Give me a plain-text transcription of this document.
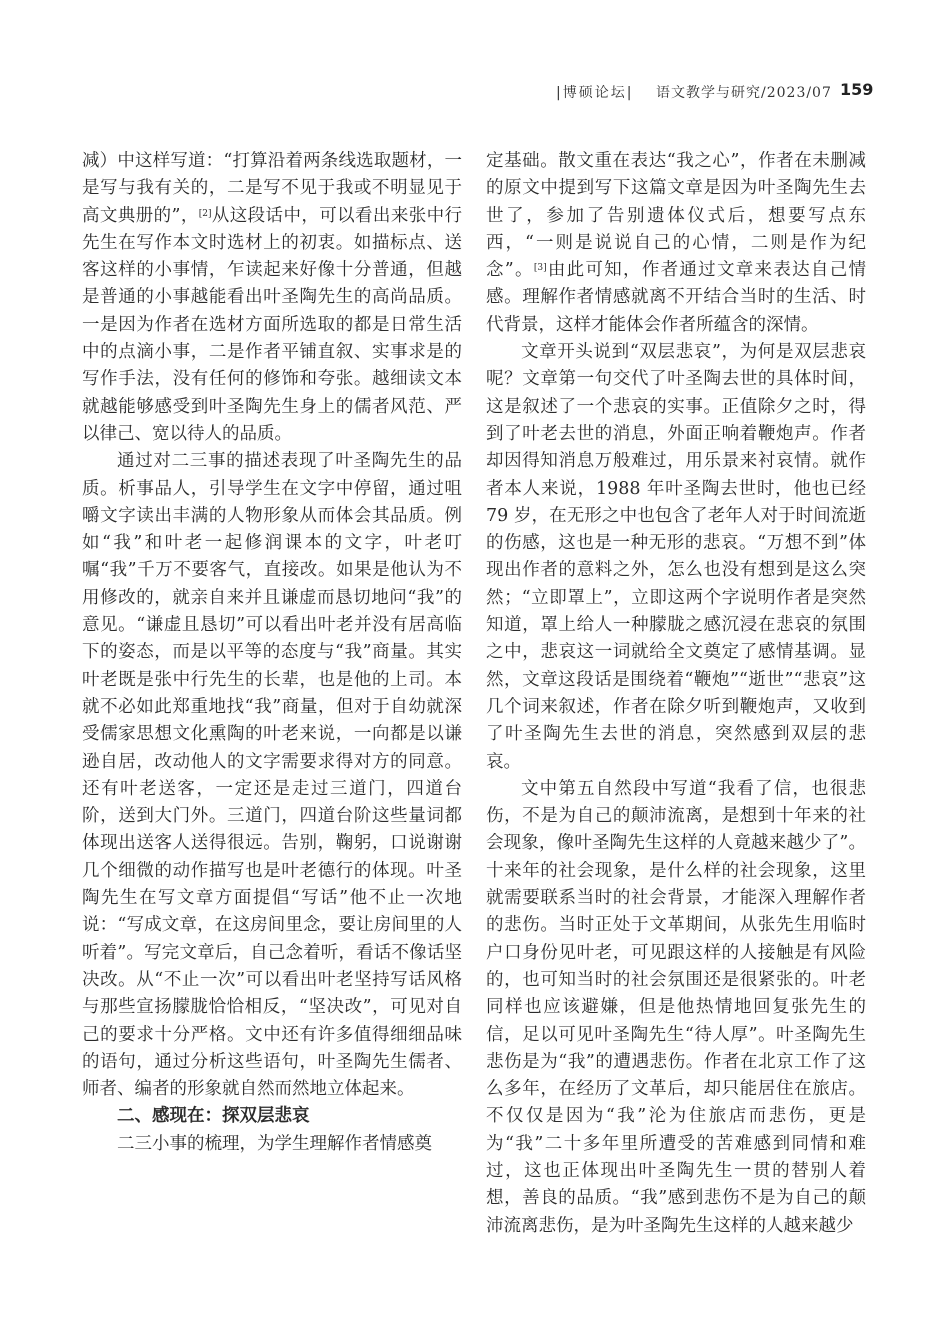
|博硕论坛| 语文教学与研究/2023/07 159

减）中这样写道：“打算沿着两条线选取题材，一是写与我有关的，二是写不见于我或不明显见于高文典册的”，[2]从这段话中，可以看出来张中行先生在写作本文时选材上的初衷。如描标点、送客这样的小事情，乍读起来好像十分普通，但越是普通的小事越能看出叶圣陶先生的高尚品质。一是因为作者在选材方面所选取的都是日常生活中的点滴小事，二是作者平铺直叙、实事求是的写作手法，没有任何的修饰和夸张。越细读文本就越能够感受到叶圣陶先生身上的儒者风范、严以律己、宽以待人的品质。

通过对二三事的描述表现了叶圣陶先生的品质。析事品人，引导学生在文字中停留，通过咀嚼文字读出丰满的人物形象从而体会其品质。例如“我”和叶老一起修润课本的文字，叶老叮嘱“我”千万不要客气，直接改。如果是他认为不用修改的，就亲自来并且谦虚而恳切地问“我”的意见。“谦虚且恳切”可以看出叶老并没有居高临下的姿态，而是以平等的态度与“我”商量。其实叶老既是张中行先生的长辈，也是他的上司。本就不必如此郑重地找“我”商量，但对于自幼就深受儒家思想文化熏陶的叶老来说，一向都是以谦逊自居，改动他人的文字需要求得对方的同意。还有叶老送客，一定还是走过三道门，四道台阶，送到大门外。三道门，四道台阶这些量词都体现出送客人送得很远。告别，鞠躬，口说谢谢几个细微的动作描写也是叶老德行的体现。叶圣陶先生在写文章方面提倡“写话”他不止一次地说：“写成文章，在这房间里念，要让房间里的人听着”。写完文章后，自己念着听，看话不像话坚决改。从“不止一次”可以看出叶老坚持写话风格与那些宣扬朦胧恰恰相反，“坚决改”，可见对自己的要求十分严格。文中还有许多值得细细品味的语句，通过分析这些语句，叶圣陶先生儒者、师者、编者的形象就自然而然地立体起来。

二、感现在：探双层悲哀

二三小事的梳理，为学生理解作者情感奠

定基础。散文重在表达“我之心”，作者在未删减的原文中提到写下这篇文章是因为叶圣陶先生去世了，参加了告别遗体仪式后，想要写点东西，“一则是说说自己的心情，二则是作为纪念”。[3]由此可知，作者通过文章来表达自己情感。理解作者情感就离不开结合当时的生活、时代背景，这样才能体会作者所蕴含的深情。

文章开头说到“双层悲哀”，为何是双层悲哀呢？文章第一句交代了叶圣陶去世的具体时间，这是叙述了一个悲哀的实事。正值除夕之时，得到了叶老去世的消息，外面正响着鞭炮声。作者却因得知消息万般难过，用乐景来衬哀情。就作者本人来说，1988 年叶圣陶去世时，他也已经 79 岁，在无形之中也包含了老年人对于时间流逝的伤感，这也是一种无形的悲哀。“万想不到”体现出作者的意料之外，怎么也没有想到是这么突然；“立即罩上”，立即这两个字说明作者是突然知道，罩上给人一种朦胧之感沉浸在悲哀的氛围之中，悲哀这一词就给全文奠定了感情基调。显然，文章这段话是围绕着“鞭炮”“逝世”“悲哀”这几个词来叙述，作者在除夕听到鞭炮声，又收到了叶圣陶先生去世的消息，突然感到双层的悲哀。

文中第五自然段中写道“我看了信，也很悲伤，不是为自己的颠沛流离，是想到十年来的社会现象，像叶圣陶先生这样的人竟越来越少了”。十来年的社会现象，是什么样的社会现象，这里就需要联系当时的社会背景，才能深入理解作者的悲伤。当时正处于文革期间，从张先生用临时户口身份见叶老，可见跟这样的人接触是有风险的，也可知当时的社会氛围还是很紧张的。叶老同样也应该避嫌，但是他热情地回复张先生的信，足以可见叶圣陶先生“待人厚”。叶圣陶先生悲伤是为“我”的遭遇悲伤。作者在北京工作了这么多年，在经历了文革后，却只能居住在旅店。不仅仅是因为“我”沦为住旅店而悲伤，更是为“我”二十多年里所遭受的苦难感到同情和难过，这也正体现出叶圣陶先生一贯的替别人着想，善良的品质。“我”感到悲伤不是为自己的颠沛流离悲伤，是为叶圣陶先生这样的人越来越少
